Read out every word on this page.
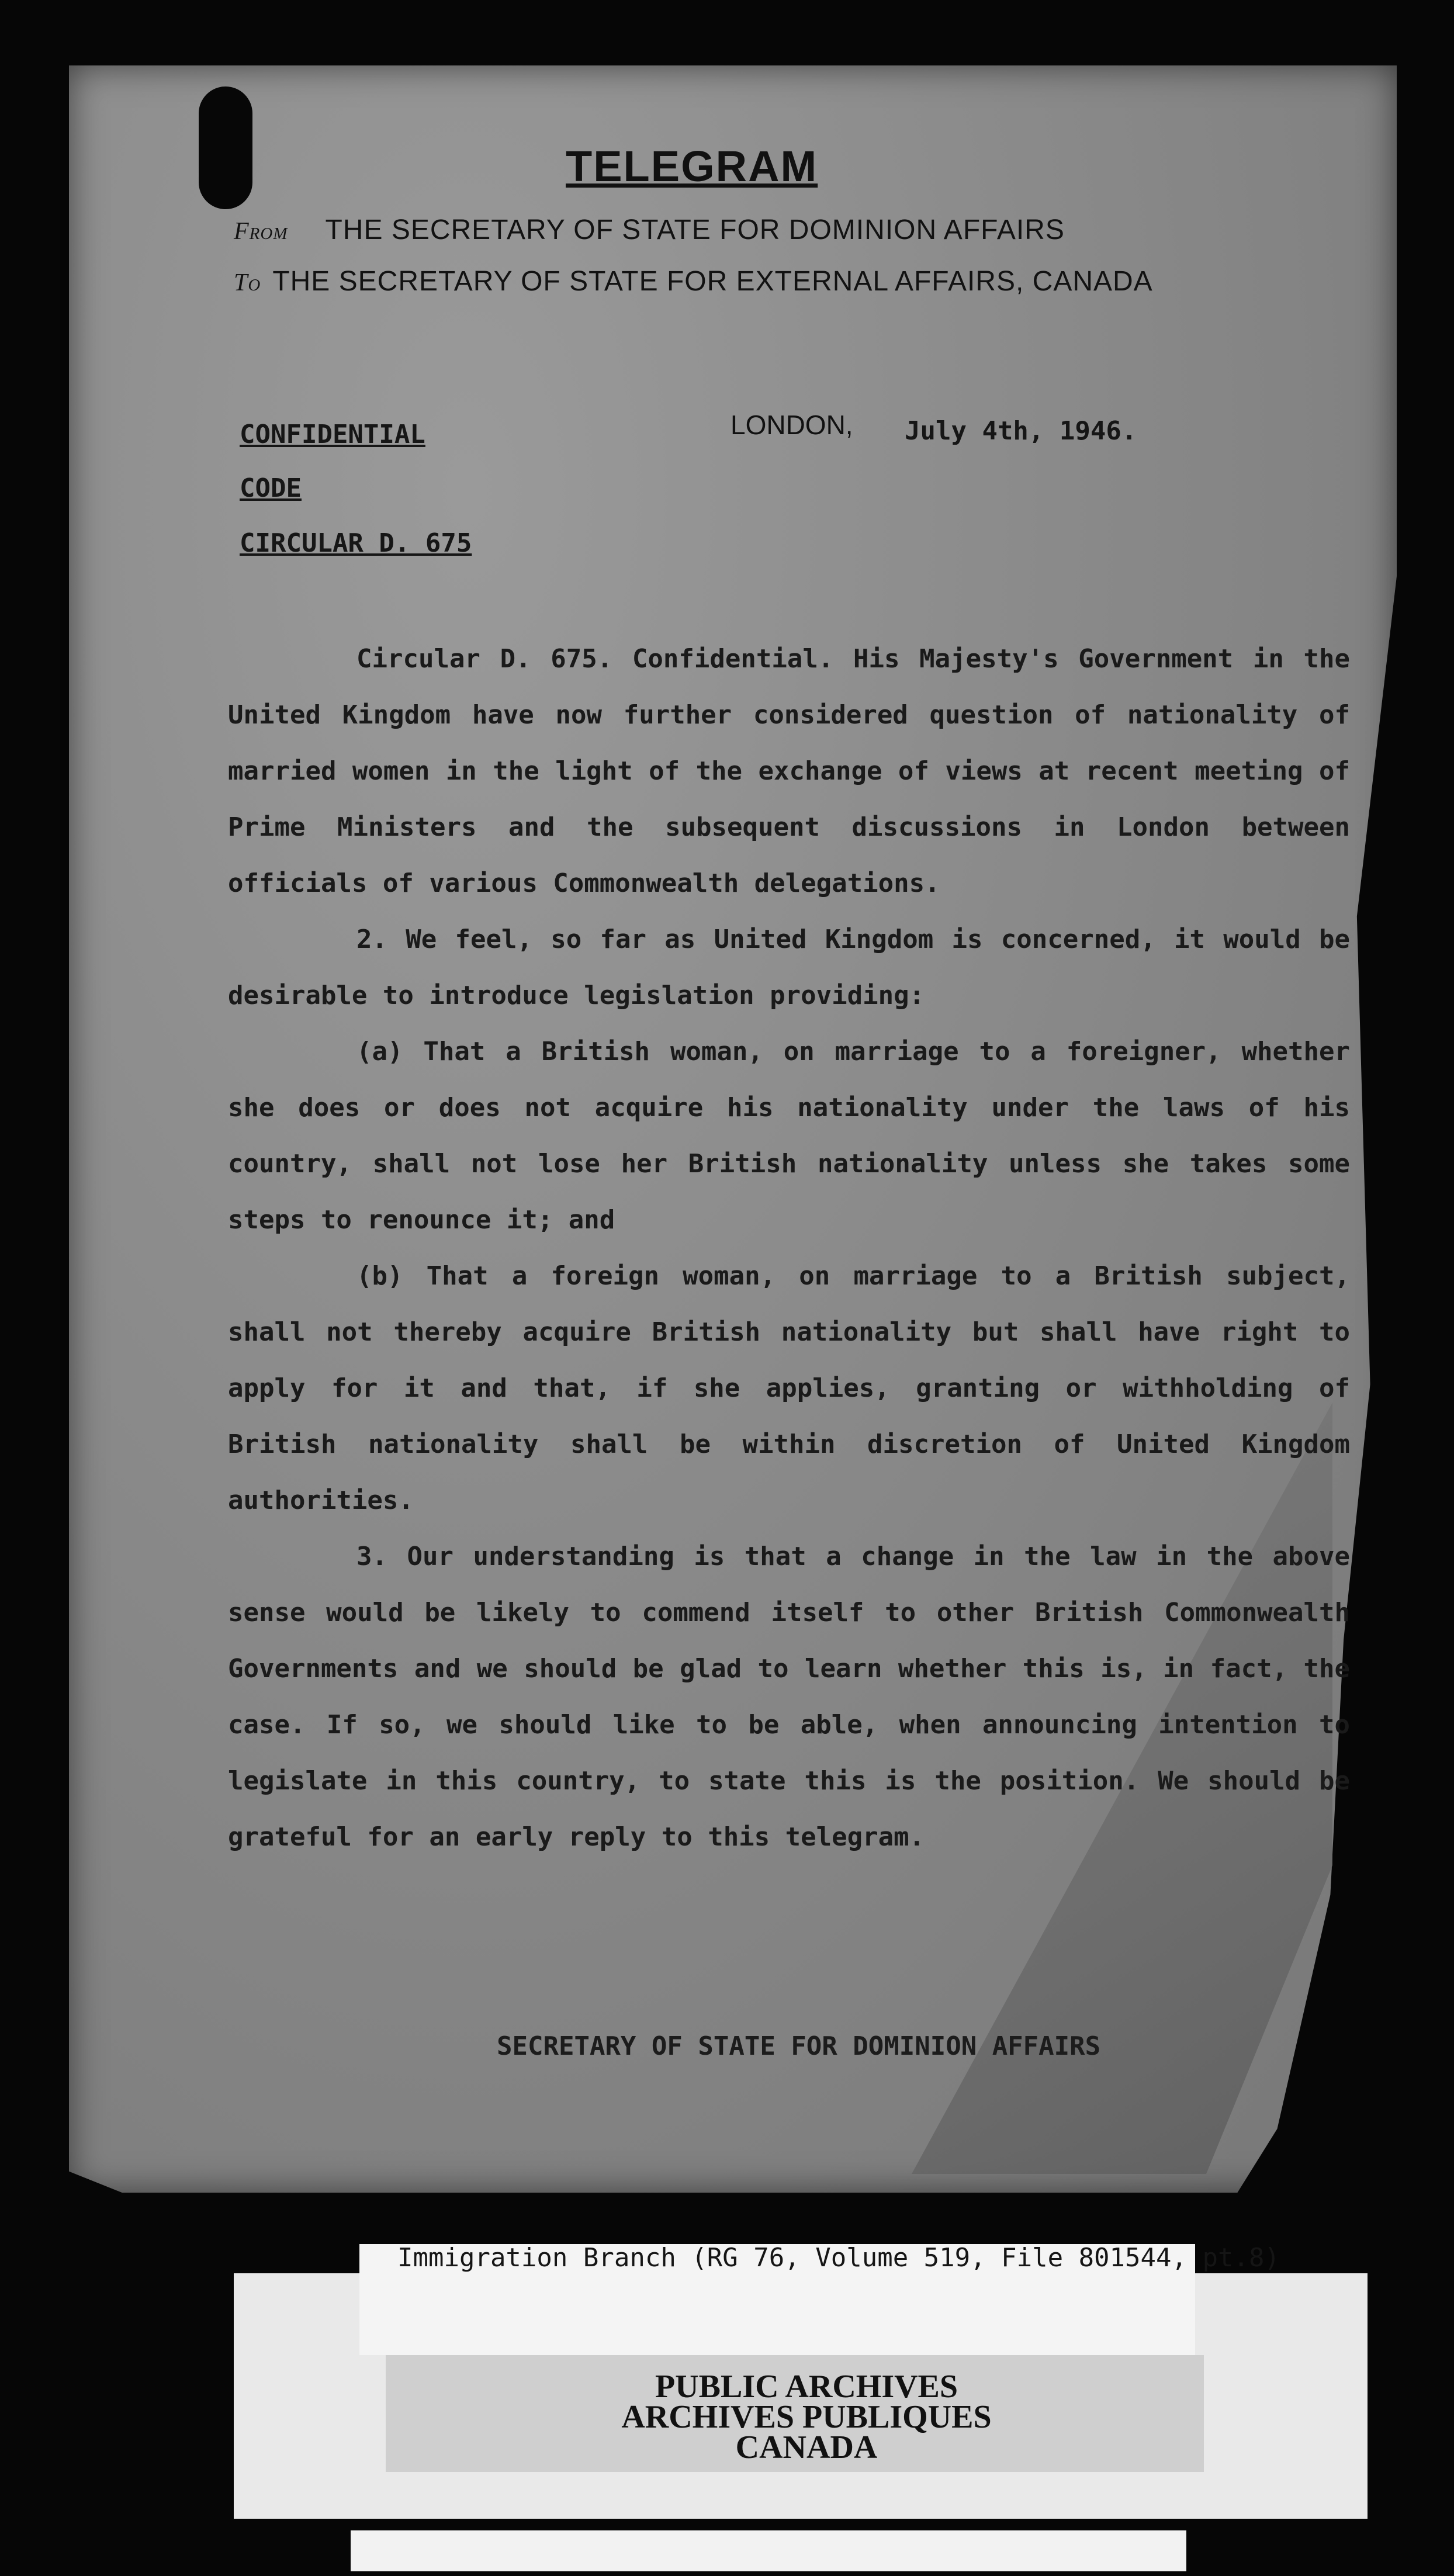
TELEGRAM
From THE SECRETARY OF STATE FOR DOMINION AFFAIRS
To THE SECRETARY OF STATE FOR EXTERNAL AFFAIRS, CANADA
CONFIDENTIAL
CODE
CIRCULAR D. 675
LONDON, July 4th, 1946.

Circular D. 675. Confidential. His Majesty's Government in the United Kingdom have now further considered question of nationality of married women in the light of the exchange of views at recent meeting of Prime Ministers and the subsequent discussions in London between officials of various Commonwealth delegations.

2. We feel, so far as United Kingdom is concerned, it would be desirable to introduce legislation providing:

(a) That a British woman, on marriage to a foreigner, whether she does or does not acquire his nationality under the laws of his country, shall not lose her British nationality unless she takes some steps to renounce it; and

(b) That a foreign woman, on marriage to a British subject, shall not thereby acquire British nationality but shall have right to apply for it and that, if she applies, granting or withholding of British nationality shall be within discretion of United Kingdom authorities.

3. Our understanding is that a change in the law in the above sense would be likely to commend itself to other British Commonwealth Governments and we should be glad to learn whether this is, in fact, the case. If so, we should like to be able, when announcing intention to legislate in this country, to state this is the position. We should be grateful for an early reply to this telegram.

SECRETARY OF STATE FOR DOMINION AFFAIRS
Immigration Branch (RG 76, Volume 519, File 801544, pt.8)
PUBLIC ARCHIVES
ARCHIVES PUBLIQUES
CANADA
